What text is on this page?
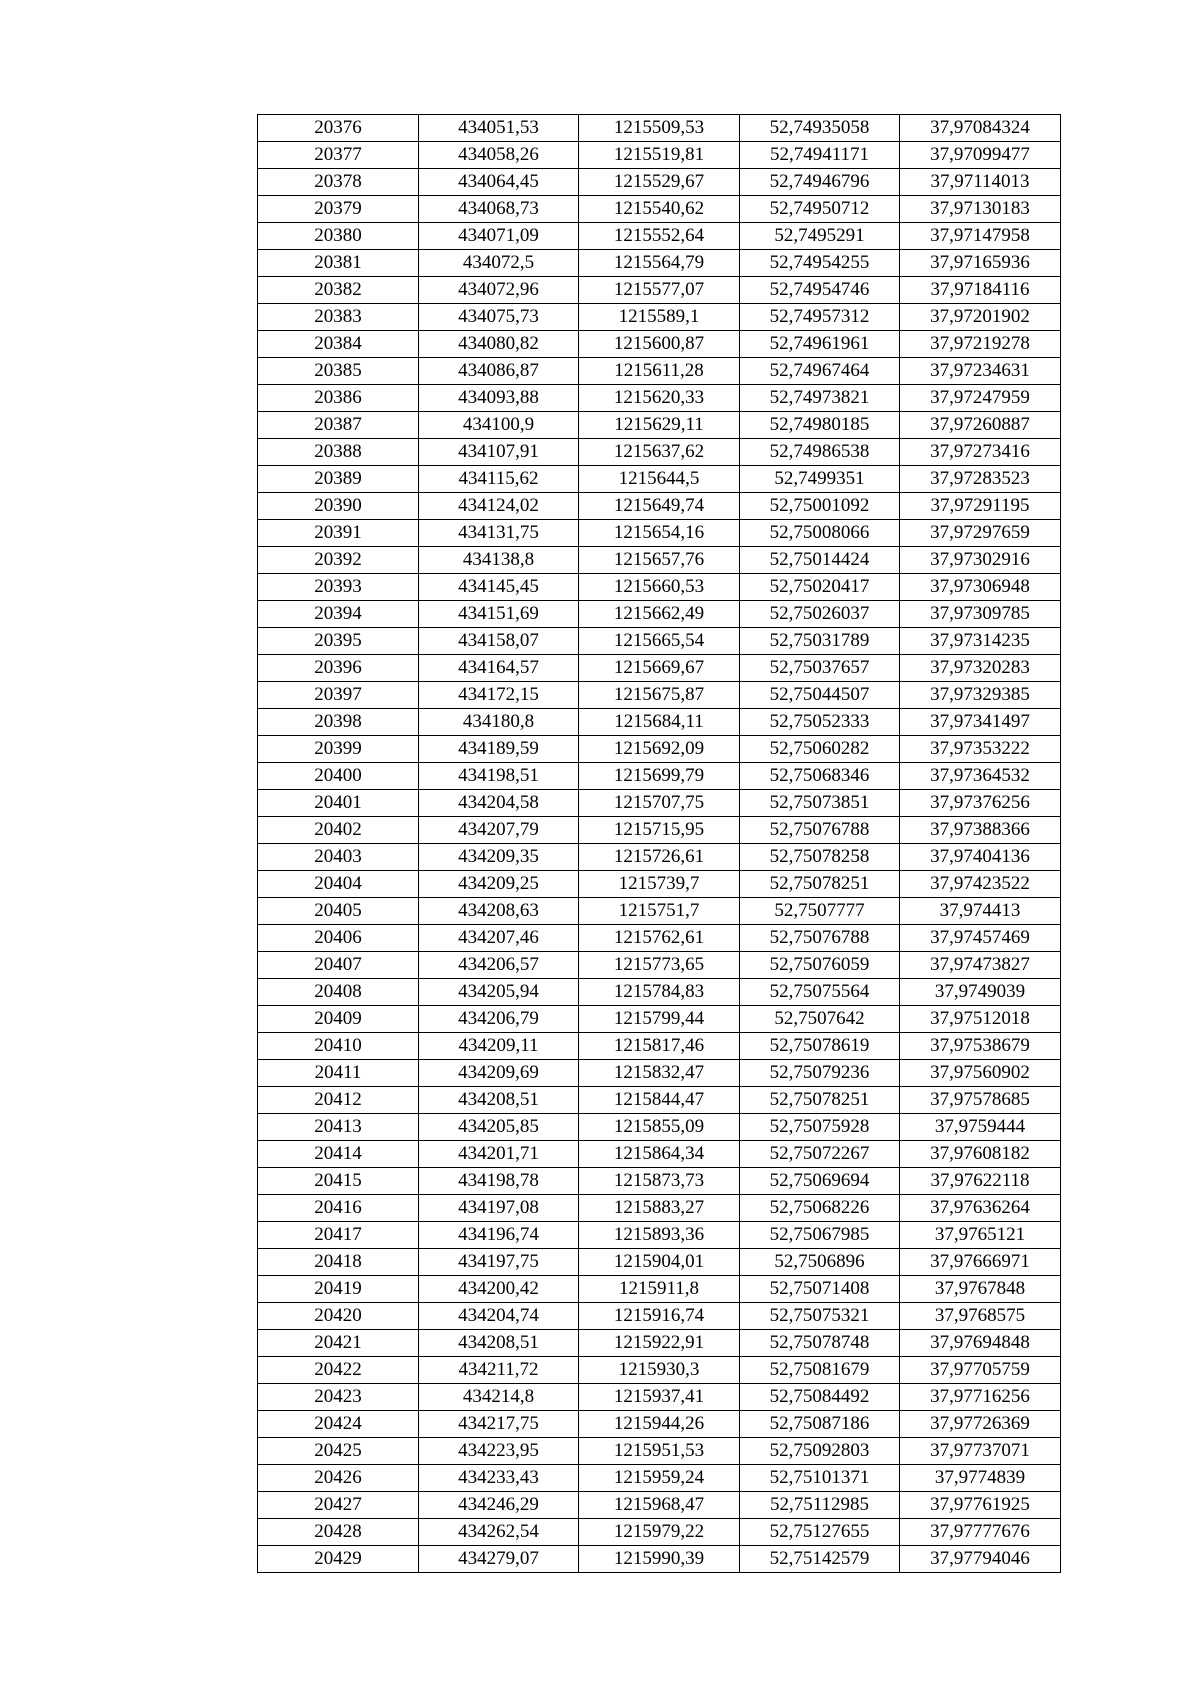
20376	434051,53	1215509,53	52,74935058	37,97084324
20377	434058,26	1215519,81	52,74941171	37,97099477
20378	434064,45	1215529,67	52,74946796	37,97114013
20379	434068,73	1215540,62	52,74950712	37,97130183
20380	434071,09	1215552,64	52,7495291	37,97147958
20381	434072,5	1215564,79	52,74954255	37,97165936
20382	434072,96	1215577,07	52,74954746	37,97184116
20383	434075,73	1215589,1	52,74957312	37,97201902
20384	434080,82	1215600,87	52,74961961	37,97219278
20385	434086,87	1215611,28	52,74967464	37,97234631
20386	434093,88	1215620,33	52,74973821	37,97247959
20387	434100,9	1215629,11	52,74980185	37,97260887
20388	434107,91	1215637,62	52,74986538	37,97273416
20389	434115,62	1215644,5	52,7499351	37,97283523
20390	434124,02	1215649,74	52,75001092	37,97291195
20391	434131,75	1215654,16	52,75008066	37,97297659
20392	434138,8	1215657,76	52,75014424	37,97302916
20393	434145,45	1215660,53	52,75020417	37,97306948
20394	434151,69	1215662,49	52,75026037	37,97309785
20395	434158,07	1215665,54	52,75031789	37,97314235
20396	434164,57	1215669,67	52,75037657	37,97320283
20397	434172,15	1215675,87	52,75044507	37,97329385
20398	434180,8	1215684,11	52,75052333	37,97341497
20399	434189,59	1215692,09	52,75060282	37,97353222
20400	434198,51	1215699,79	52,75068346	37,97364532
20401	434204,58	1215707,75	52,75073851	37,97376256
20402	434207,79	1215715,95	52,75076788	37,97388366
20403	434209,35	1215726,61	52,75078258	37,97404136
20404	434209,25	1215739,7	52,75078251	37,97423522
20405	434208,63	1215751,7	52,7507777	37,974413
20406	434207,46	1215762,61	52,75076788	37,97457469
20407	434206,57	1215773,65	52,75076059	37,97473827
20408	434205,94	1215784,83	52,75075564	37,9749039
20409	434206,79	1215799,44	52,7507642	37,97512018
20410	434209,11	1215817,46	52,75078619	37,97538679
20411	434209,69	1215832,47	52,75079236	37,97560902
20412	434208,51	1215844,47	52,75078251	37,97578685
20413	434205,85	1215855,09	52,75075928	37,9759444
20414	434201,71	1215864,34	52,75072267	37,97608182
20415	434198,78	1215873,73	52,75069694	37,97622118
20416	434197,08	1215883,27	52,75068226	37,97636264
20417	434196,74	1215893,36	52,75067985	37,9765121
20418	434197,75	1215904,01	52,7506896	37,97666971
20419	434200,42	1215911,8	52,75071408	37,9767848
20420	434204,74	1215916,74	52,75075321	37,9768575
20421	434208,51	1215922,91	52,75078748	37,97694848
20422	434211,72	1215930,3	52,75081679	37,97705759
20423	434214,8	1215937,41	52,75084492	37,97716256
20424	434217,75	1215944,26	52,75087186	37,97726369
20425	434223,95	1215951,53	52,75092803	37,97737071
20426	434233,43	1215959,24	52,75101371	37,9774839
20427	434246,29	1215968,47	52,75112985	37,97761925
20428	434262,54	1215979,22	52,75127655	37,97777676
20429	434279,07	1215990,39	52,75142579	37,97794046
